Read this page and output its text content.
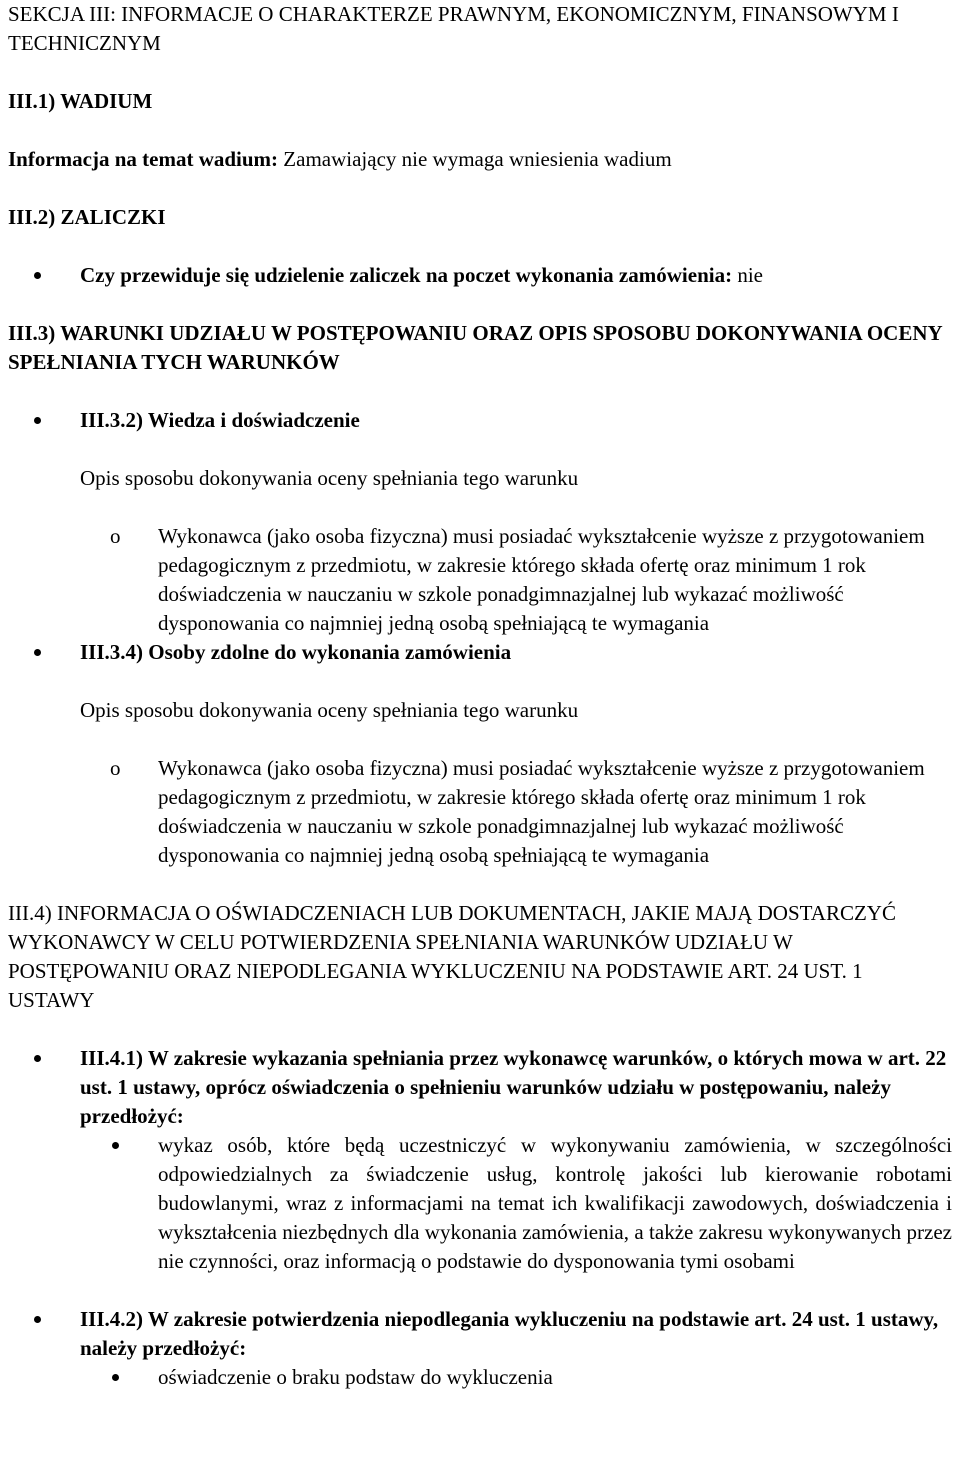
SEKCJA III: INFORMACJE O CHARAKTERZE PRAWNYM, EKONOMICZNYM, FINANSOWYM I TECHNICZNYM

III.1) WADIUM

Informacja na temat wadium: Zamawiający nie wymaga wniesienia wadium

III.2) ZALICZKI

Czy przewiduje się udzielenie zaliczek na poczet wykonania zamówienia: nie

III.3) WARUNKI UDZIAŁU W POSTĘPOWANIU ORAZ OPIS SPOSOBU DOKONYWANIA OCENY SPEŁNIANIA TYCH WARUNKÓW

III.3.2) Wiedza i doświadczenie

Opis sposobu dokonywania oceny spełniania tego warunku

o Wykonawca (jako osoba fizyczna) musi posiadać wykształcenie wyższe z przygotowaniem pedagogicznym z przedmiotu, w zakresie którego składa ofertę oraz minimum 1 rok doświadczenia w nauczaniu w szkole ponadgimnazjalnej lub wykazać możliwość dysponowania co najmniej jedną osobą spełniającą te wymagania
III.3.4) Osoby zdolne do wykonania zamówienia

Opis sposobu dokonywania oceny spełniania tego warunku

o Wykonawca (jako osoba fizyczna) musi posiadać wykształcenie wyższe z przygotowaniem pedagogicznym z przedmiotu, w zakresie którego składa ofertę oraz minimum 1 rok doświadczenia w nauczaniu w szkole ponadgimnazjalnej lub wykazać możliwość dysponowania co najmniej jedną osobą spełniającą te wymagania

III.4) INFORMACJA O OŚWIADCZENIACH LUB DOKUMENTACH, JAKIE MAJĄ DOSTARCZYĆ WYKONAWCY W CELU POTWIERDZENIA SPEŁNIANIA WARUNKÓW UDZIAŁU W POSTĘPOWANIU ORAZ NIEPODLEGANIA WYKLUCZENIU NA PODSTAWIE ART. 24 UST. 1 USTAWY

III.4.1) W zakresie wykazania spełniania przez wykonawcę warunków, o których mowa w art. 22 ust. 1 ustawy, oprócz oświadczenia o spełnieniu warunków udziału w postępowaniu, należy przedłożyć:
wykaz osób, które będą uczestniczyć w wykonywaniu zamówienia, w szczególności odpowiedzialnych za świadczenie usług, kontrolę jakości lub kierowanie robotami budowlanymi, wraz z informacjami na temat ich kwalifikacji zawodowych, doświadczenia i wykształcenia niezbędnych dla wykonania zamówienia, a także zakresu wykonywanych przez nie czynności, oraz informacją o podstawie do dysponowania tymi osobami
III.4.2) W zakresie potwierdzenia niepodlegania wykluczeniu na podstawie art. 24 ust. 1 ustawy, należy przedłożyć:
oświadczenie o braku podstaw do wykluczenia
